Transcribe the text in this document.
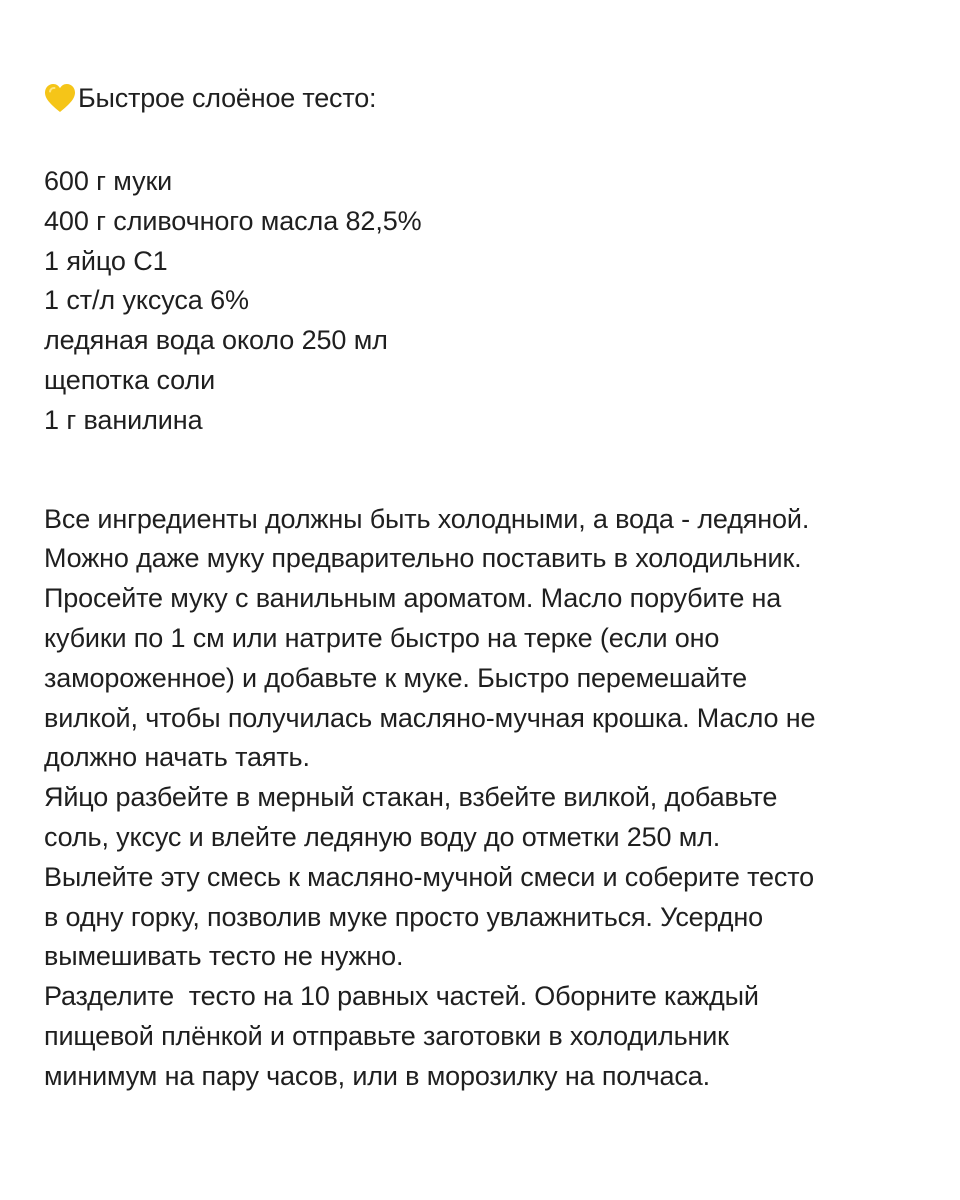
Быстрое слоёное тесто:
600 г муки
400 г сливочного масла 82,5%
1 яйцо С1
1 ст/л уксуса 6%
ледяная вода около 250 мл
щепотка соли
1 г ванилина

Все ингредиенты должны быть холодными, а вода - ледяной.

Можно даже муку предварительно поставить в холодильник.

Просейте муку с ванильным ароматом. Масло порубите на

кубики по 1 см или натрите быстро на терке (если оно

замороженное) и добавьте к муке. Быстро перемешайте

вилкой, чтобы получилась масляно-мучная крошка. Масло не

должно начать таять.

Яйцо разбейте в мерный стакан, взбейте вилкой, добавьте

соль, уксус и влейте ледяную воду до отметки 250 мл.

Вылейте эту смесь к масляно-мучной смеси и соберите тесто

в одну горку, позволив муке просто увлажниться. Усердно

вымешивать тесто не нужно.

Разделите  тесто на 10 равных частей. Оборните каждый

пищевой плёнкой и отправьте заготовки в холодильник

минимум на пару часов, или в морозилку на полчаса.
